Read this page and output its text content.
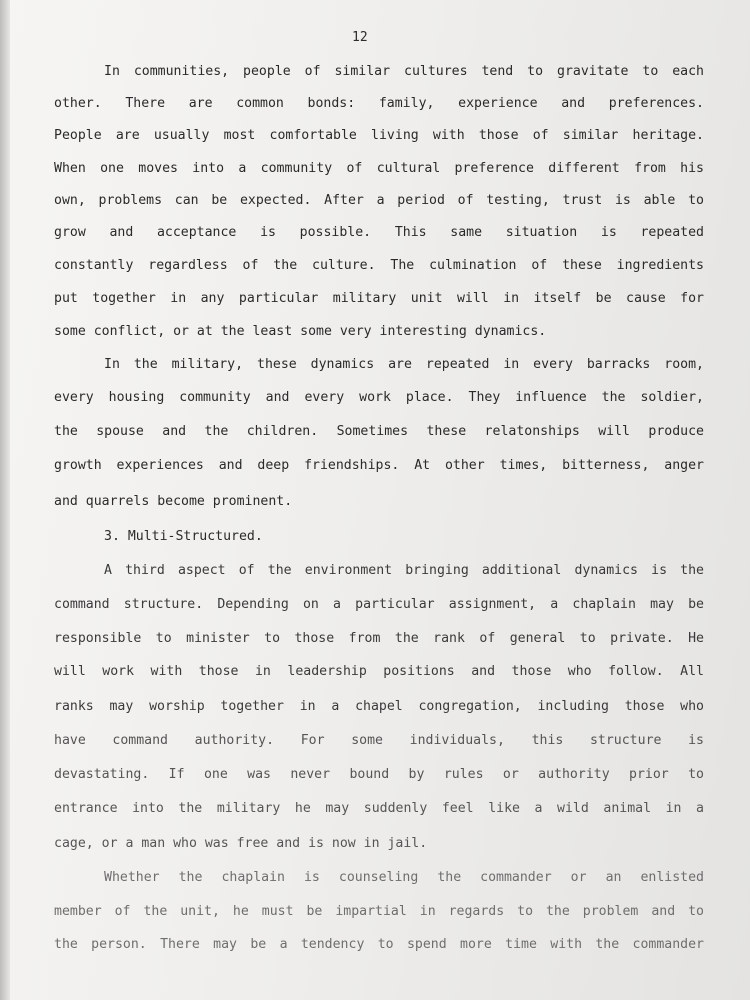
12
In communities, people of similar cultures tend to gravitate to each
other. There are common bonds: family, experience and preferences.
People are usually most comfortable living with those of similar heritage.
When one moves into a community of cultural preference different from his
own, problems can be expected. After a period of testing, trust is able to
grow and acceptance is possible. This same situation is repeated
constantly regardless of the culture. The culmination of these ingredients
put together in any particular military unit will in itself be cause for
some conflict, or at the least some very interesting dynamics.
In the military, these dynamics are repeated in every barracks room,
every housing community and every work place. They influence the soldier,
the spouse and the children. Sometimes these relatonships will produce
growth experiences and deep friendships. At other times, bitterness, anger
and quarrels become prominent.
3. Multi-Structured.
A third aspect of the environment bringing additional dynamics is the
command structure. Depending on a particular assignment, a chaplain may be
responsible to minister to those from the rank of general to private. He
will work with those in leadership positions and those who follow. All
ranks may worship together in a chapel congregation, including those who
have command authority. For some individuals, this structure is
devastating. If one was never bound by rules or authority prior to
entrance into the military he may suddenly feel like a wild animal in a
cage, or a man who was free and is now in jail.
Whether the chaplain is counseling the commander or an enlisted
member of the unit, he must be impartial in regards to the problem and to
the person. There may be a tendency to spend more time with the commander
